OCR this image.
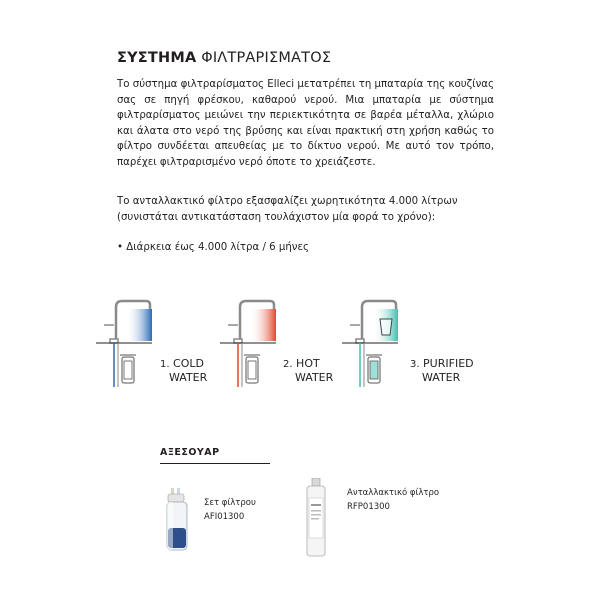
ΣΥΣΤΗΜΑ ΦΙΛΤΡΑΡΙΣΜΑΤΟΣ
Το σύστημα φιλτραρίσματος Elleci μετατρέπει τη μπαταρία της κουζίνας σας σε πηγή φρέσκου, καθαρού νερού. Μια μπαταρία με σύστημα φιλτραρίσματος μειώνει την περιεκτικότητα σε βαρέα μέταλλα, χλώριο και άλατα στο νερό της βρύσης και είναι πρακτική στη χρήση καθώς το φίλτρο συνδέεται απευθείας με το δίκτυο νερού. Με αυτό τον τρόπο, παρέχει φιλτραρισμένο νερό όποτε το χρειάζεστε.
Το ανταλλακτικό φίλτρο εξασφαλίζει χωρητικότητα 4.000 λίτρων (συνιστάται αντικατάσταση τουλάχιστον μία φορά το χρόνο):
• Διάρκεια έως 4.000 λίτρα / 6 μήνες
1. COLD
WATER
2. HOT
WATER
3. PURIFIED
WATER
ΑΞΕΣΟΥΑΡ
Σετ φίλτρου
AFI01300
Ανταλλακτικό φίλτρο
RFP01300
